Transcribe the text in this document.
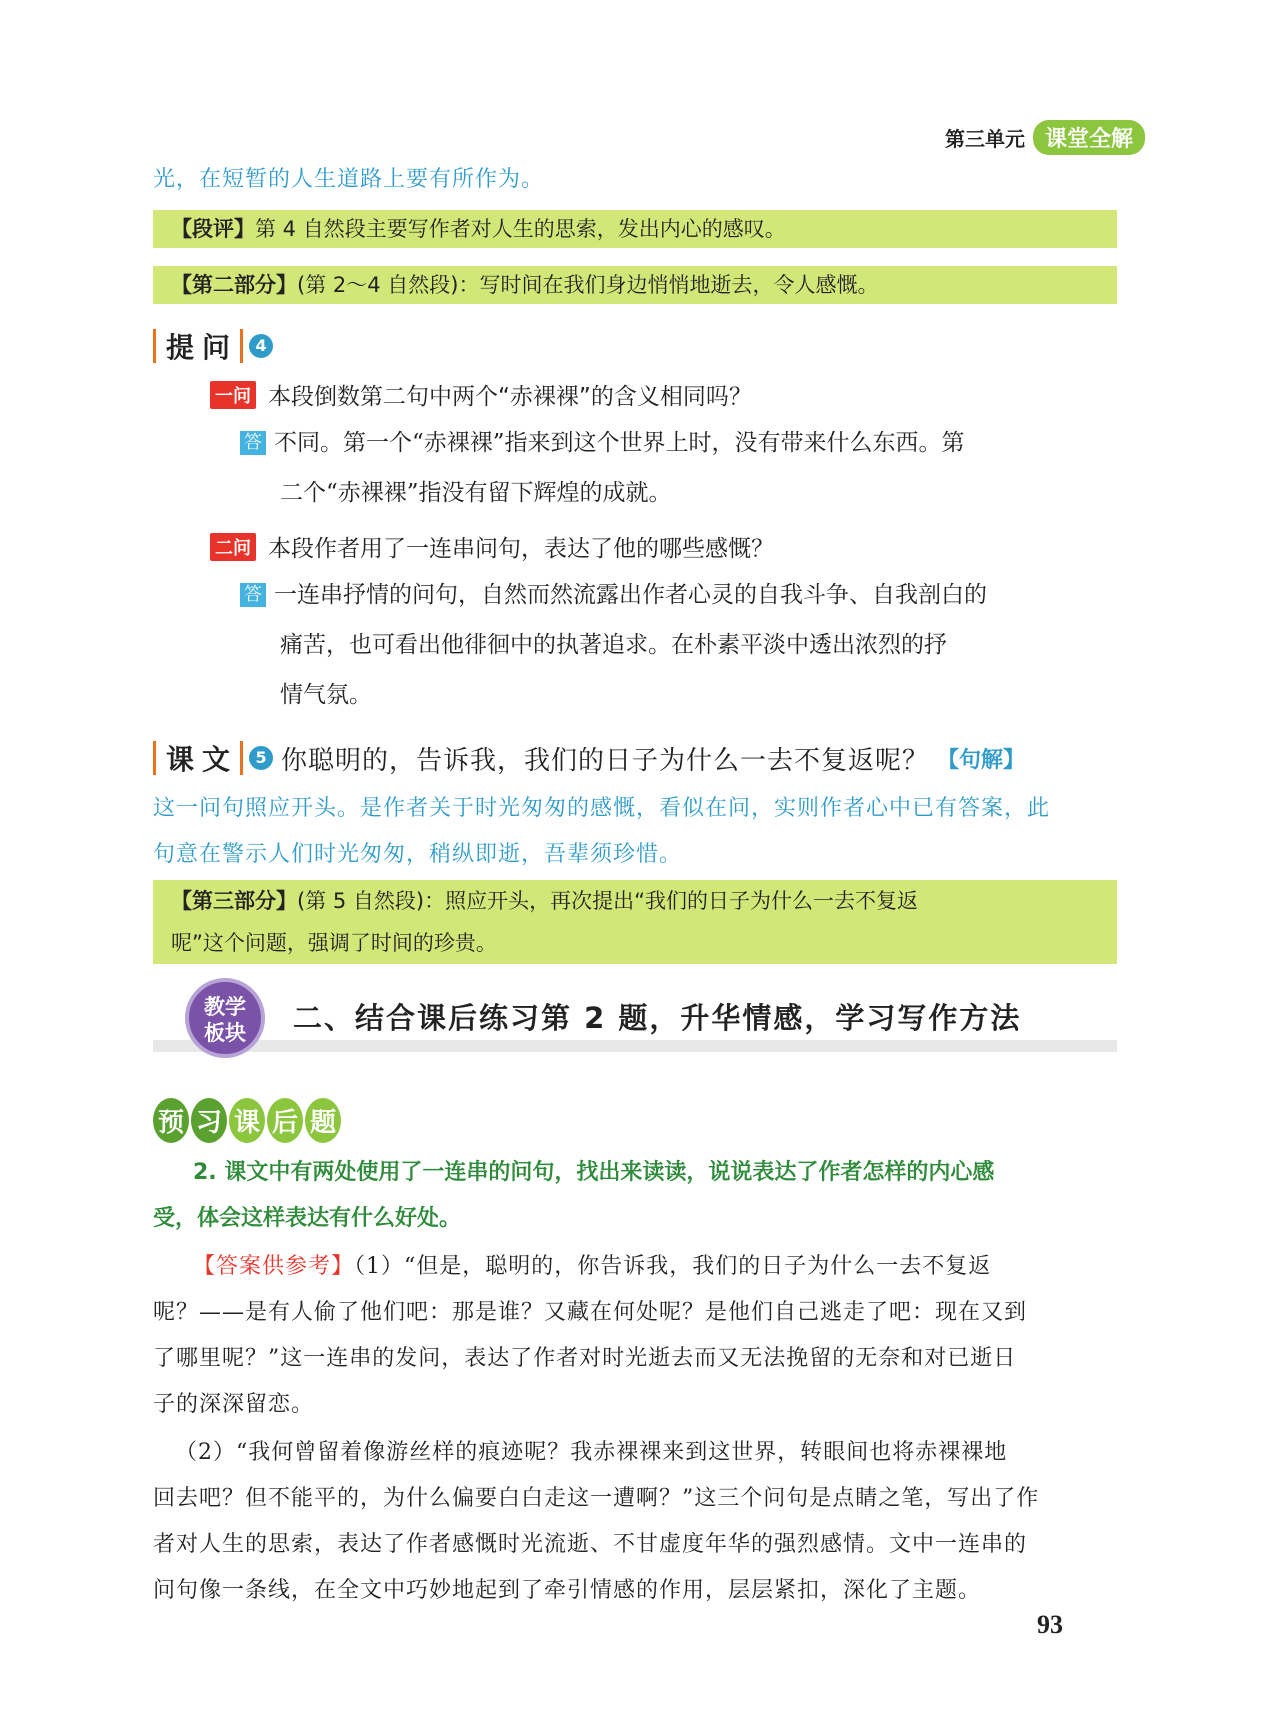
第三单元 课堂全解
光，在短暂的人生道路上要有所作为。
【段评】第 4 自然段主要写作者对人生的思索，发出内心的感叹。
【第二部分】(第 2～4 自然段)：写时间在我们身边悄悄地逝去，令人感慨。
提问	4
一问 本段倒数第二句中两个“赤裸裸”的含义相同吗？
答 不同。第一个“赤裸裸”指来到这个世界上时，没有带来什么东西。第
二个“赤裸裸”指没有留下辉煌的成就。
二问 本段作者用了一连串问句，表达了他的哪些感慨？
答 一连串抒情的问句，自然而然流露出作者心灵的自我斗争、自我剖白的
痛苦，也可看出他徘徊中的执著追求。在朴素平淡中透出浓烈的抒
情气氛。
课文	5 你聪明的，告诉我，我们的日子为什么一去不复返呢？ 【句解】
这一问句照应开头。是作者关于时光匆匆的感慨，看似在问，实则作者心中已有答案，此
句意在警示人们时光匆匆，稍纵即逝，吾辈须珍惜。
【第三部分】(第 5 自然段)：照应开头，再次提出“我们的日子为什么一去不复返
呢”这个问题，强调了时间的珍贵。
教学
板块	二、结合课后练习第 2 题，升华情感，学习写作方法
预 习 课 后 题
2. 课文中有两处使用了一连串的问句，找出来读读，说说表达了作者怎样的内心感
受，体会这样表达有什么好处。
【答案供参考】（1）“但是，聪明的，你告诉我，我们的日子为什么一去不复返
呢？——是有人偷了他们吧：那是谁？又藏在何处呢？是他们自己逃走了吧：现在又到
了哪里呢？”这一连串的发问，表达了作者对时光逝去而又无法挽留的无奈和对已逝日
子的深深留恋。
（2）“我何曾留着像游丝样的痕迹呢？我赤裸裸来到这世界，转眼间也将赤裸裸地
回去吧？但不能平的，为什么偏要白白走这一遭啊？”这三个问句是点睛之笔，写出了作
者对人生的思索，表达了作者感慨时光流逝、不甘虚度年华的强烈感情。文中一连串的
问句像一条线，在全文中巧妙地起到了牵引情感的作用，层层紧扣，深化了主题。
93
